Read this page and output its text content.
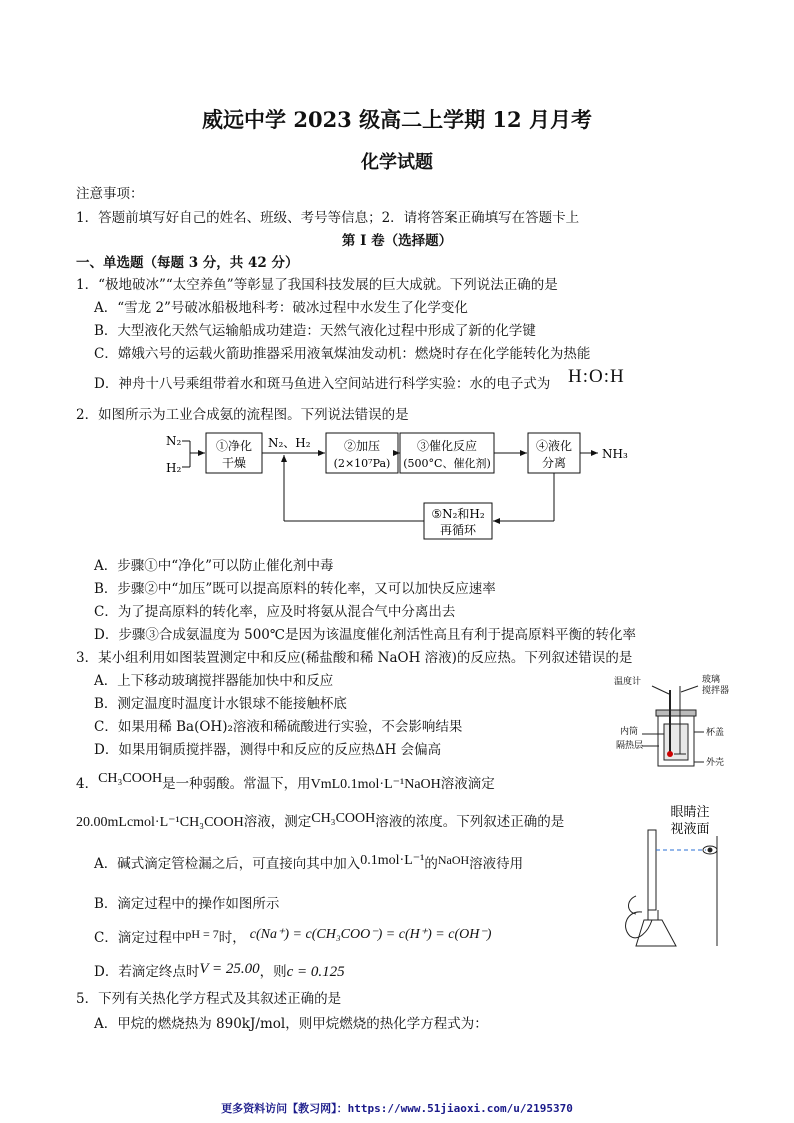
威远中学 2023 级高二上学期 12 月月考
化学试题
注意事项：
1．答题前填写好自己的姓名、班级、考号等信息；2．请将答案正确填写在答题卡上
第 I 卷（选择题）
一、单选题（每题 3 分，共 42 分）
1．“极地破冰”“太空养鱼”等彰显了我国科技发展的巨大成就。下列说法正确的是
A．“雪龙 2”号破冰船极地科考：破冰过程中水发生了化学变化
B．大型液化天然气运输船成功建造：天然气液化过程中形成了新的化学键
C．嫦娥六号的运载火箭助推器采用液氧煤油发动机：燃烧时存在化学能转化为热能
D．神舟十八号乘组带着水和斑马鱼进入空间站进行科学实验：水的电子式为 H:O:H
2．如图所示为工业合成氨的流程图。下列说法错误的是
N₂
H₂
①净化
干燥
N₂、H₂	②加压
(2×10⁷Pa)
③催化反应
(500°C、催化剂)
④液化
分离
NH₃
⑤N₂和H₂
再循环
A．步骤①中“净化”可以防止催化剂中毒
B．步骤②中“加压”既可以提高原料的转化率，又可以加快反应速率
C．为了提高原料的转化率，应及时将氨从混合气中分离出去
D．步骤③合成氨温度为 500℃是因为该温度催化剂活性高且有利于提高原料平衡的转化率
3．某小组利用如图装置测定中和反应(稀盐酸和稀 NaOH 溶液)的反应热。下列叙述错误的是
A．上下移动玻璃搅拌器能加快中和反应
B．测定温度时温度计水银球不能接触杯底
C．如果用稀 Ba(OH)₂溶液和稀硫酸进行实验，不会影响结果
D．如果用铜质搅拌器，测得中和反应的反应热ΔH 会偏高
温度计	玻璃
搅拌器
内筒
隔热层
杯盖
外壳
4．CH₃COOH是一种弱酸。常温下，用VmL0.1mol·L⁻¹NaOH溶液滴定
20.00mLcmol·L⁻¹CH₃COOH溶液，测定CH₃COOH溶液的浓度。下列叙述正确的是
A．碱式滴定管检漏之后，可直接向其中加入0.1mol·L⁻¹的NaOH溶液待用
B．滴定过程中的操作如图所示
C．滴定过程中pH = 7时， c(Na⁺) = c(CH₃COO⁻) = c(H⁺) = c(OH⁻)
D．若滴定终点时V = 25.00，则c = 0.125
眼睛注
视液面
5．下列有关热化学方程式及其叙述正确的是
A．甲烷的燃烧热为 890kJ/mol，则甲烷燃烧的热化学方程式为：
更多资料访问【教习网】：https://www.51jiaoxi.com/u/2195370
